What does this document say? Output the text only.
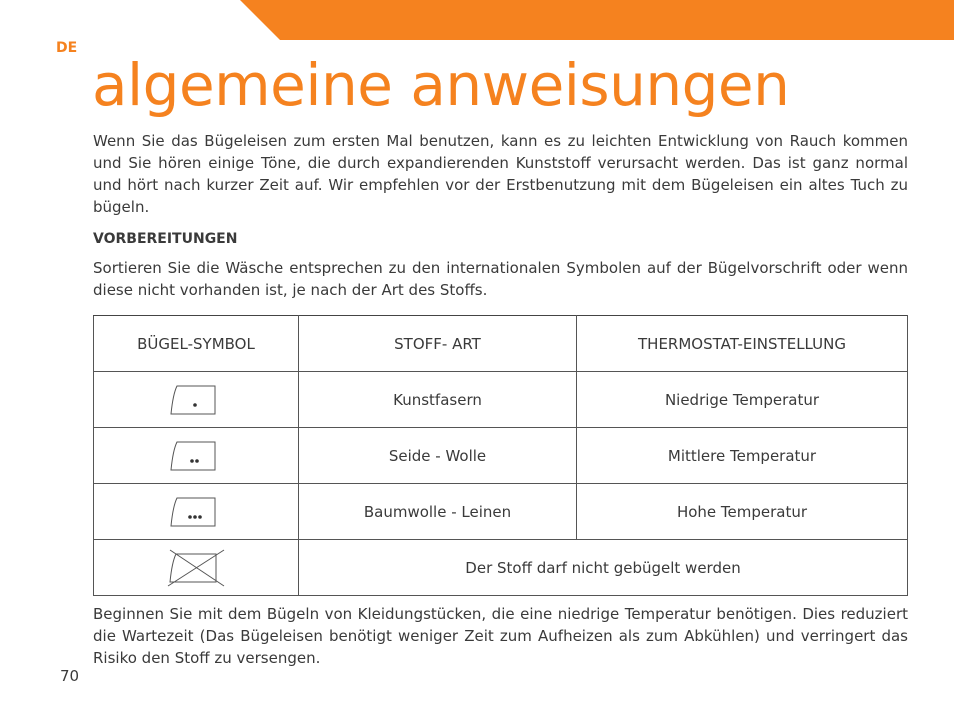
DE
algemeine anweisungen
Wenn Sie das Bügeleisen zum ersten Mal benutzen, kann es zu leichten Entwicklung von Rauch kommen und Sie hören einige Töne, die durch expandierenden Kunststoff verursacht werden. Das ist ganz normal und hört nach kurzer Zeit auf. Wir empfehlen vor der Erstbenutzung mit dem Bügeleisen ein altes Tuch zu bügeln.
VORBEREITUNGEN
Sortieren Sie die Wäsche entsprechen zu den internationalen Symbolen auf der Bügelvorschrift oder wenn diese nicht vorhanden ist, je nach der Art des Stoffs.
BÜGEL-SYMBOL	STOFF- ART	THERMOSTAT-EINSTELLUNG

	Kunstfasern	Niedrige Temperatur

	Seide - Wolle	Mittlere Temperatur

	Baumwolle - Leinen	Hohe Temperatur

	Der Stoff darf nicht gebügelt werden	
Beginnen Sie mit dem Bügeln von Kleidungstücken, die eine niedrige Temperatur benötigen. Dies reduziert die Wartezeit (Das Bügeleisen benötigt weniger Zeit zum Aufheizen als zum Abkühlen) und verringert das Risiko den Stoff zu versengen.
70
